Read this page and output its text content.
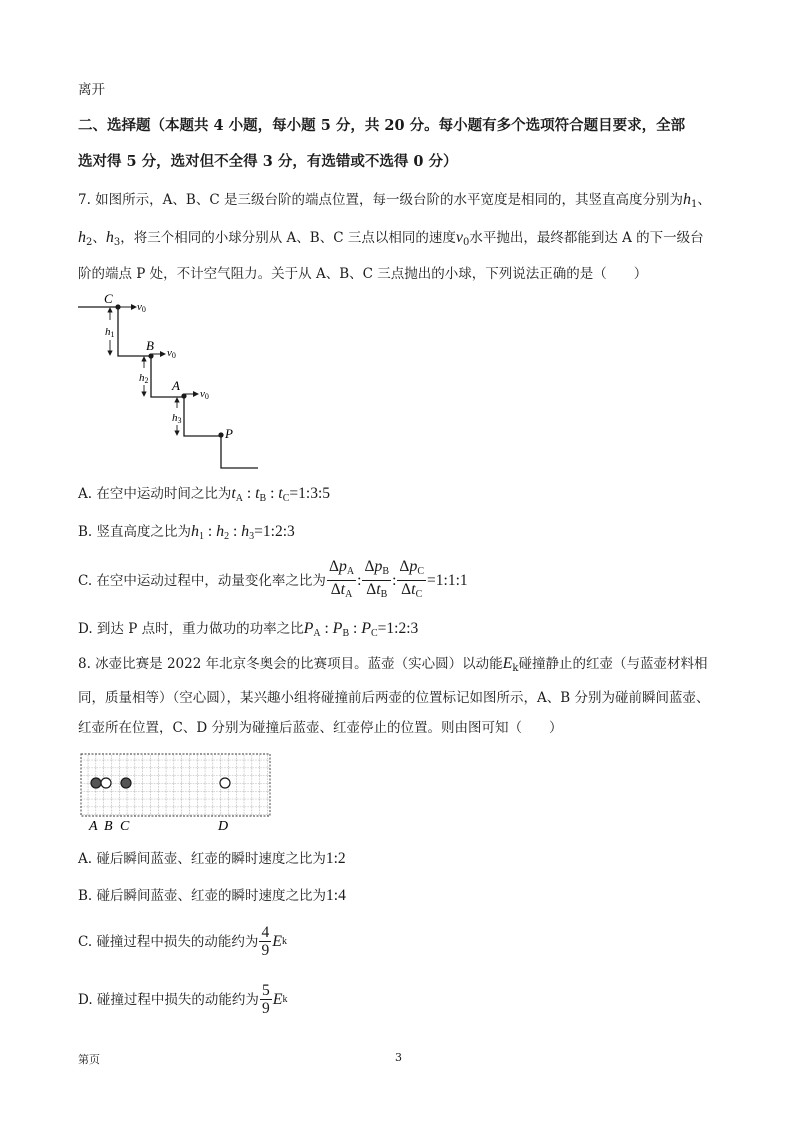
离开
二、选择题（本题共 4 小题，每小题 5 分，共 20 分。每小题有多个选项符合题目要求，全部
选对得 5 分，选对但不全得 3 分，有选错或不选得 0 分）
7. 如图所示，A、B、C 是三级台阶的端点位置，每一级台阶的水平宽度是相同的，其竖直高度分别为$h_1$、
$h_2$、$h_3$，将三个相同的小球分别从 A、B、C 三点以相同的速度$v_0$水平抛出，最终都能到达 A 的下一级台
阶的端点 P 处，不计空气阻力。关于从 A、B、C 三点抛出的小球，下列说法正确的是（　　）
C
v0
h1
B v0
h2 A
v0
h3
P
A. 在空中运动时间之比为$t_A$ : $t_B$ : $t_C=1:3:5$
B. 竖直高度之比为$h_1$ : $h_2$ : $h_3=1:2:3$
C. 在空中运动过程中，动量变化率之比为 $\frac{\Delta p_A}{\Delta t_A}$ : $\frac{\Delta p_B}{\Delta t_B}$ : $\frac{\Delta p_C}{\Delta t_C}$ =1:1:1
D. 到达 P 点时，重力做功的功率之比$P_A$ : $P_B$ : $P_C=1:2:3$
8. 冰壶比赛是 2022 年北京冬奥会的比赛项目。蓝壶（实心圆）以动能$E_k$碰撞静止的红壶（与蓝壶材料相
同，质量相等）（空心圆），某兴趣小组将碰撞前后两壶的位置标记如图所示，A、B 分别为碰前瞬间蓝壶、
红壶所在位置，C、D 分别为碰撞后蓝壶、红壶停止的位置。则由图可知（　　）
A B C	D
A. 碰后瞬间蓝壶、红壶的瞬时速度之比为1:2
B. 碰后瞬间蓝壶、红壶的瞬时速度之比为1:4
C. 碰撞过程中损失的动能约为 $\frac{4}{9}$ E k
D. 碰撞过程中损失的动能约为 $\frac{5}{9}$ E k
第页	3
